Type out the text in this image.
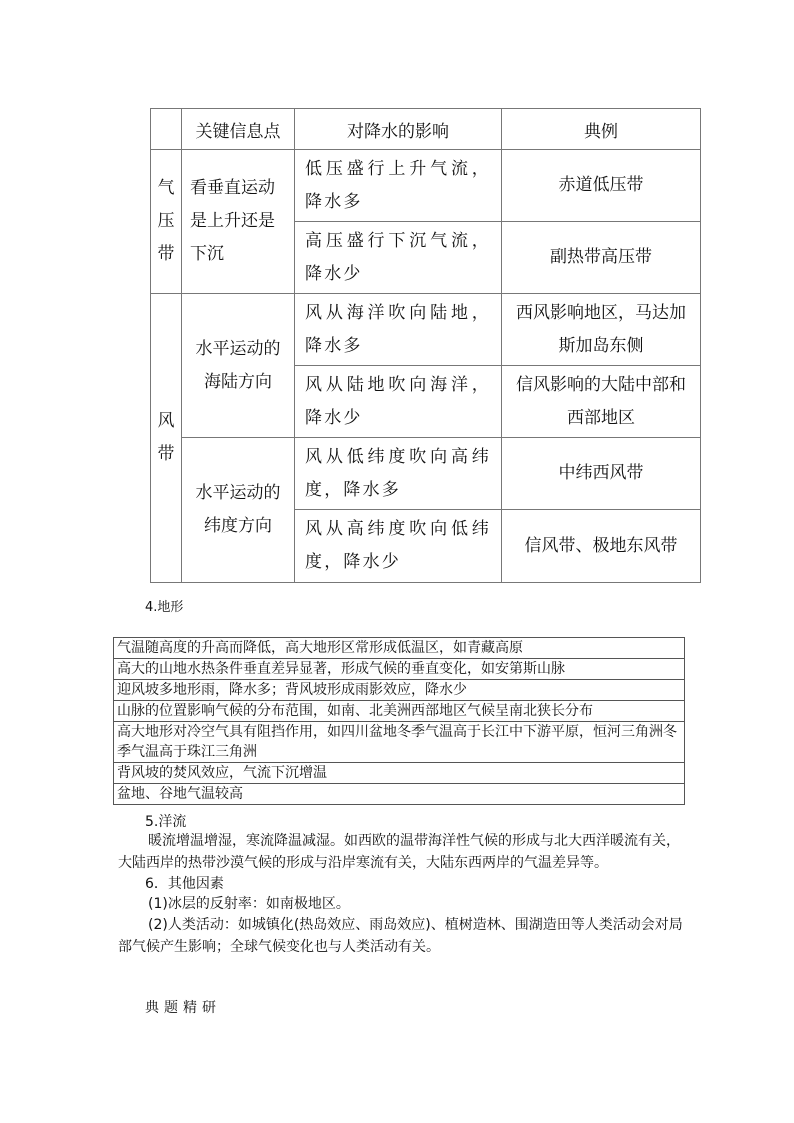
	关键信息点	对降水的影响	典例
气压带	看垂直运动是上升还是下沉	低压盛行上升气流，降水多	赤道低压带
		高压盛行下沉气流，降水少	副热带高压带
风带	水平运动的海陆方向	风从海洋吹向陆地，降水多	西风影响地区，马达加斯加岛东侧
		风从陆地吹向海洋，降水少	信风影响的大陆中部和西部地区
	水平运动的纬度方向	风从低纬度吹向高纬度，降水多	中纬西风带
		风从高纬度吹向低纬度，降水少	信风带、极地东风带
4.地形
气温随高度的升高而降低，高大地形区常形成低温区，如青藏高原
高大的山地水热条件垂直差异显著，形成气候的垂直变化，如安第斯山脉
迎风坡多地形雨，降水多；背风坡形成雨影效应，降水少
山脉的位置影响气候的分布范围，如南、北美洲西部地区气候呈南北狭长分布
高大地形对冷空气具有阻挡作用，如四川盆地冬季气温高于长江中下游平原，恒河三角洲冬季气温高于珠江三角洲
背风坡的焚风效应，气流下沉增温
盆地、谷地气温较高
5.洋流
暖流增温增湿，寒流降温减湿。如西欧的温带海洋性气候的形成与北大西洋暖流有关，大陆西岸的热带沙漠气候的形成与沿岸寒流有关，大陆东西两岸的气温差异等。
6．其他因素
(1)冰层的反射率：如南极地区。
(2)人类活动：如城镇化(热岛效应、雨岛效应)、植树造林、围湖造田等人类活动会对局部气候产生影响；全球气候变化也与人类活动有关。
典题精研
